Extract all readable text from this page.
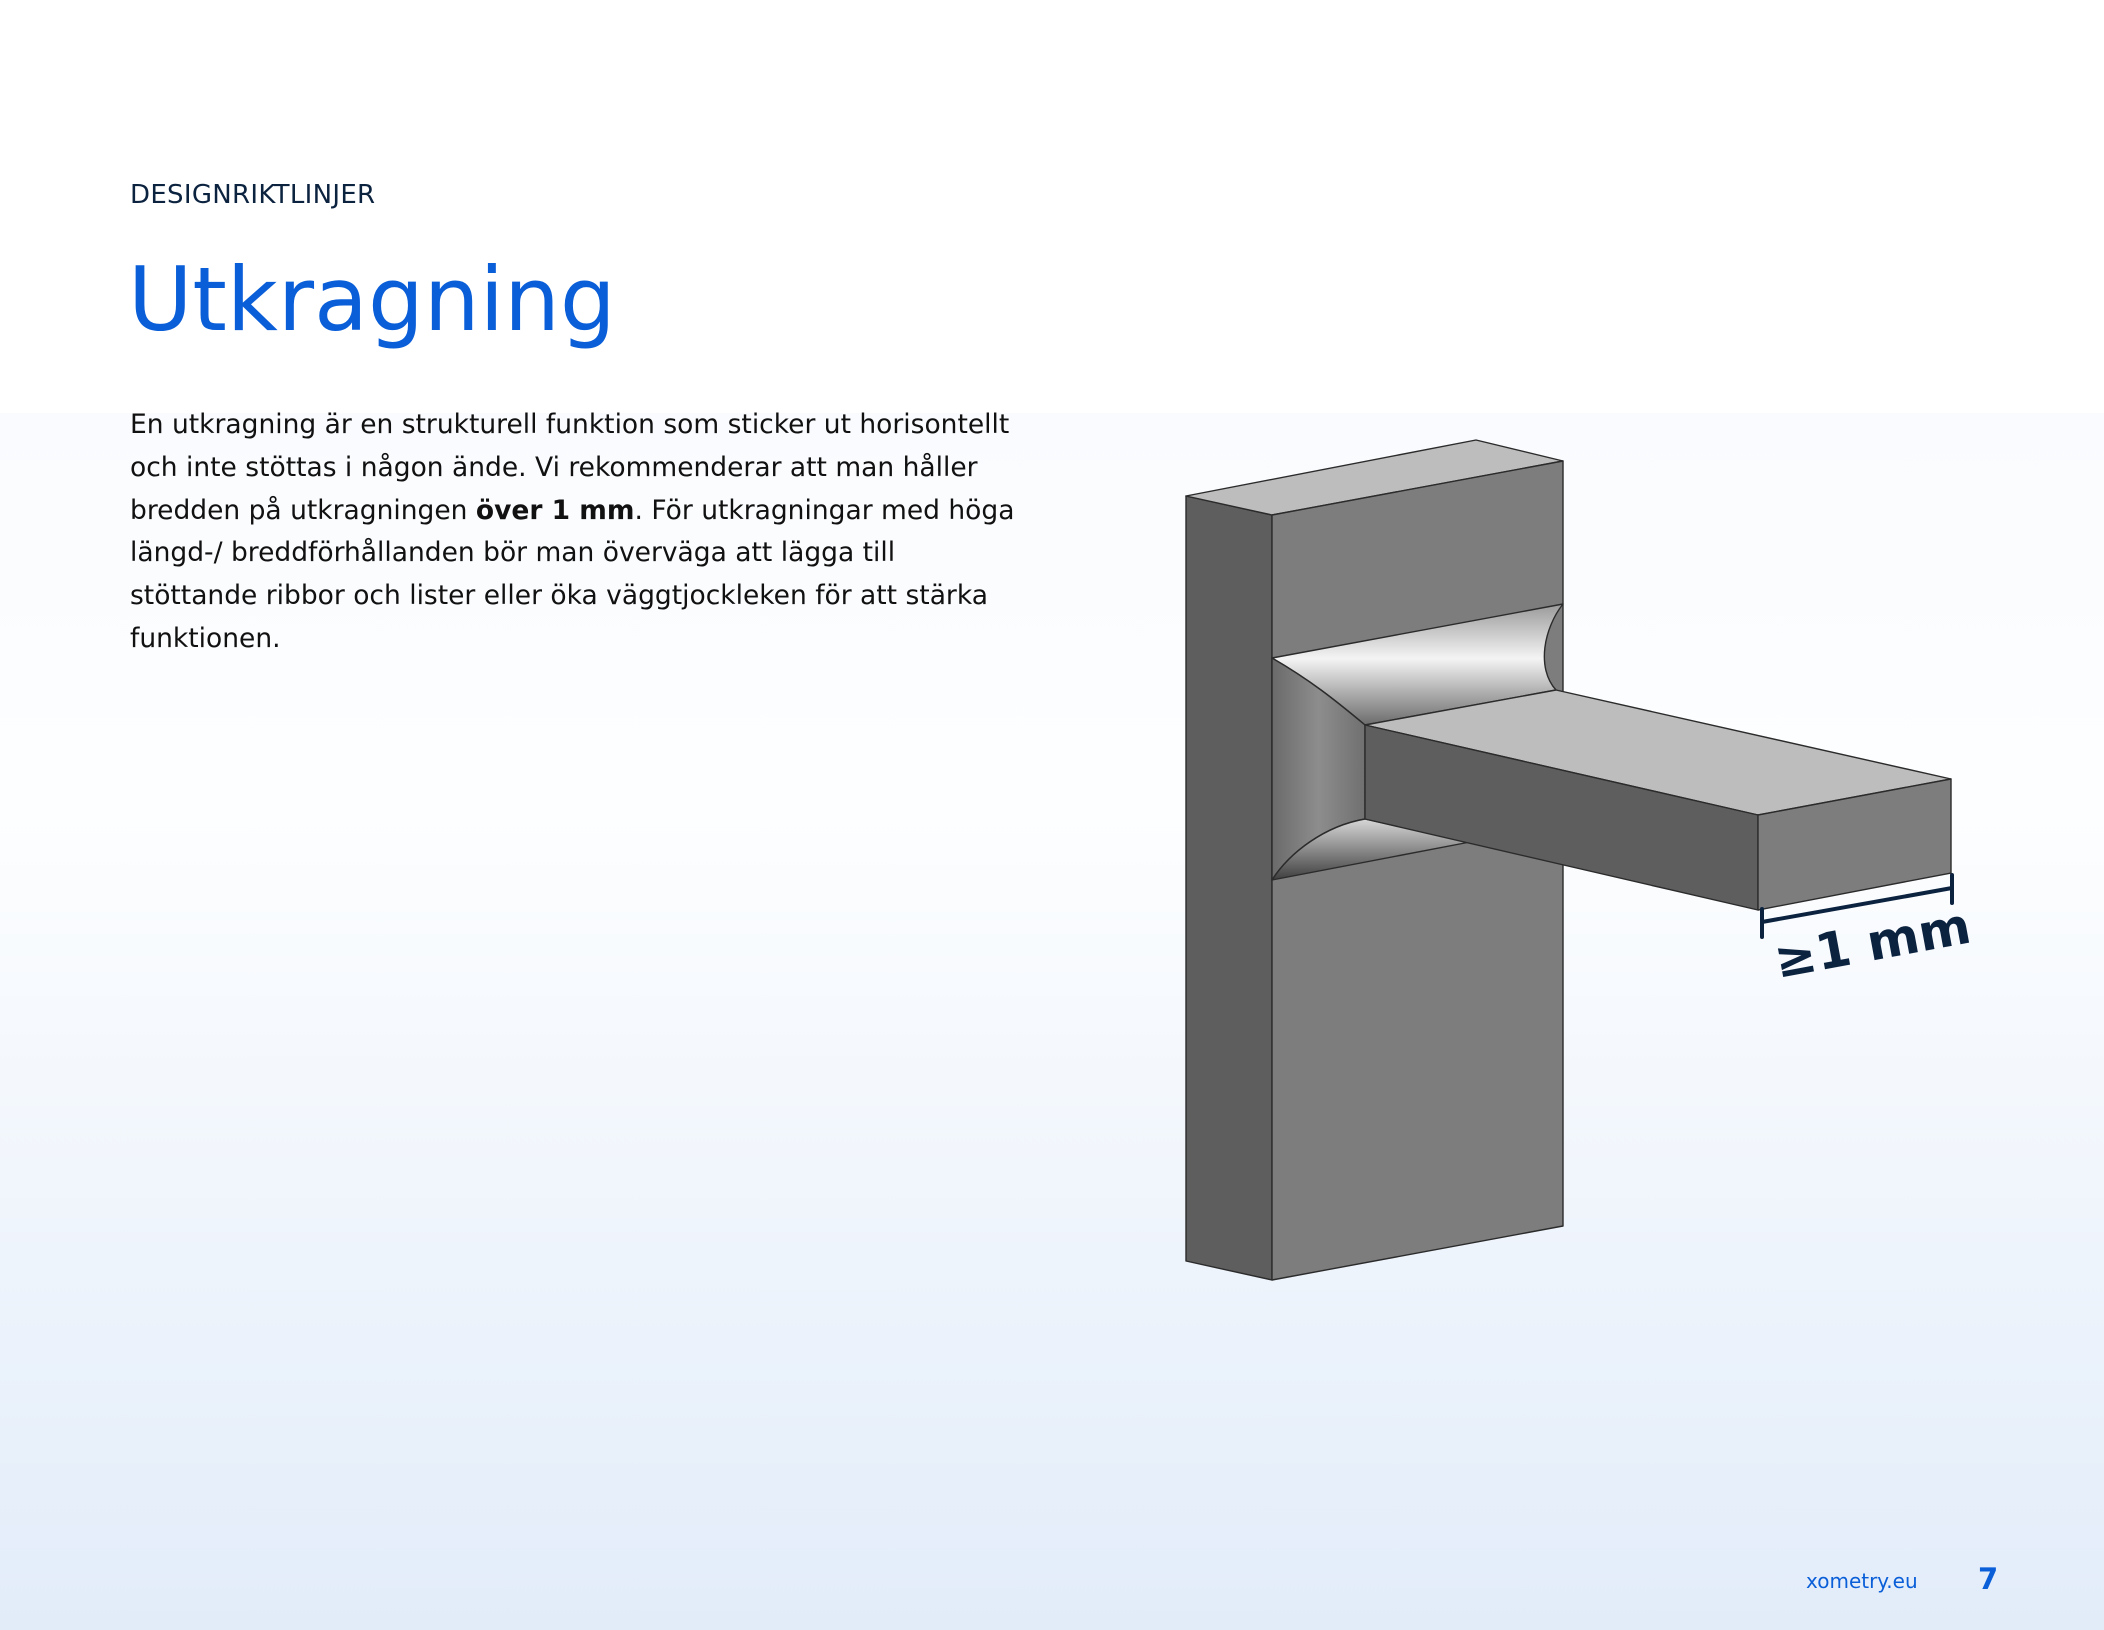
DESIGNRIKTLINJER
Utkragning

En utkragning är en strukturell funktion som sticker ut horisontellt och inte stöttas i någon ände. Vi rekommenderar att man håller bredden på utkragningen över 1 mm. För utkragningar med höga längd-/ breddförhållanden bör man överväga att lägga till stöttande ribbor och lister eller öka väggtjockleken för att stärka funktionen.

≥1 mm
xometry.eu 7
